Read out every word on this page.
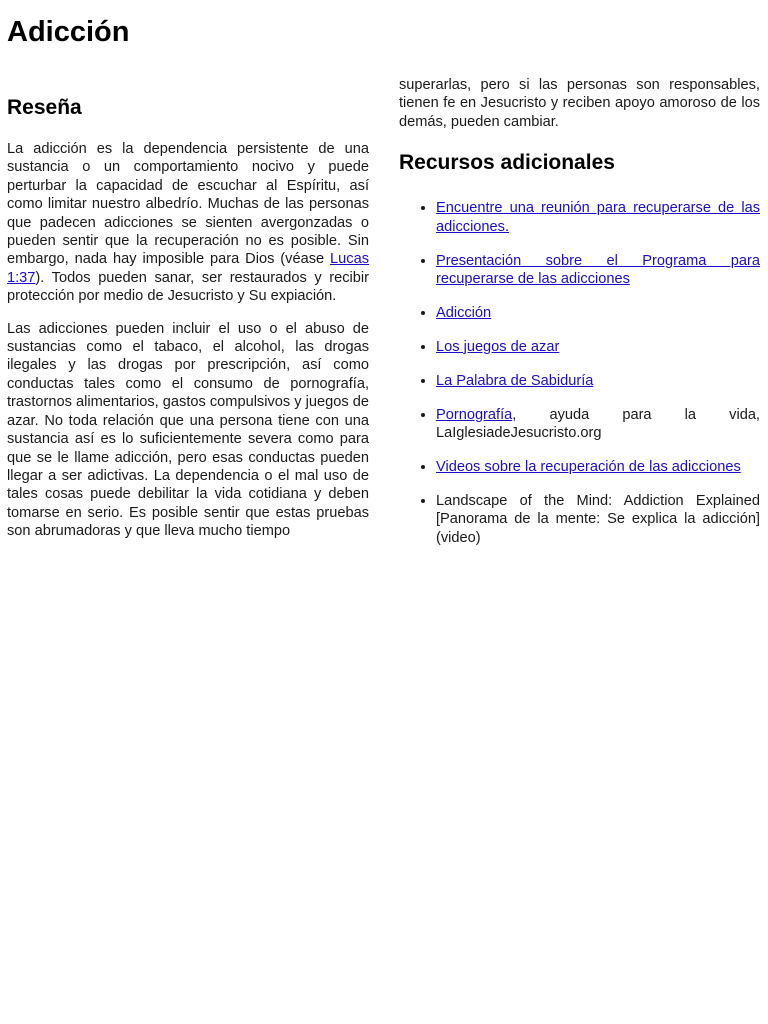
Adicción
Reseña

La adicción es la dependencia persistente de una sustancia o un comportamiento nocivo y puede perturbar la capacidad de escuchar al Espíritu, así como limitar nuestro albedrío. Muchas de las personas que padecen adicciones se sienten avergonzadas o pueden sentir que la recuperación no es posible. Sin embargo, nada hay imposible para Dios (véase Lucas 1:37). Todos pueden sanar, ser restaurados y recibir protección por medio de Jesucristo y Su expiación.

Las adicciones pueden incluir el uso o el abuso de sustancias como el tabaco, el alcohol, las drogas ilegales y las drogas por prescripción, así como conductas tales como el consumo de pornografía, trastornos alimentarios, gastos compulsivos y juegos de azar. No toda relación que una persona tiene con una sustancia así es lo suficientemente severa como para que se le llame adicción, pero esas conductas pueden llegar a ser adictivas. La dependencia o el mal uso de tales cosas puede debilitar la vida cotidiana y deben tomarse en serio. Es posible sentir que estas pruebas son abrumadoras y que lleva mucho tiempo

superarlas, pero si las personas son responsables, tienen fe en Jesucristo y reciben apoyo amoroso de los demás, pueden cambiar.

Recursos adicionales
• Encuentre una reunión para recuperarse de las adicciones.
• Presentación sobre el Programa para recuperarse de las adicciones
• Adicción
• Los juegos de azar
• La Palabra de Sabiduría
• Pornografía, ayuda para la vida, LaIglesiadeJesucristo.org
• Videos sobre la recuperación de las adicciones
• Landscape of the Mind: Addiction Explained [Panorama de la mente: Se explica la adicción] (video)
